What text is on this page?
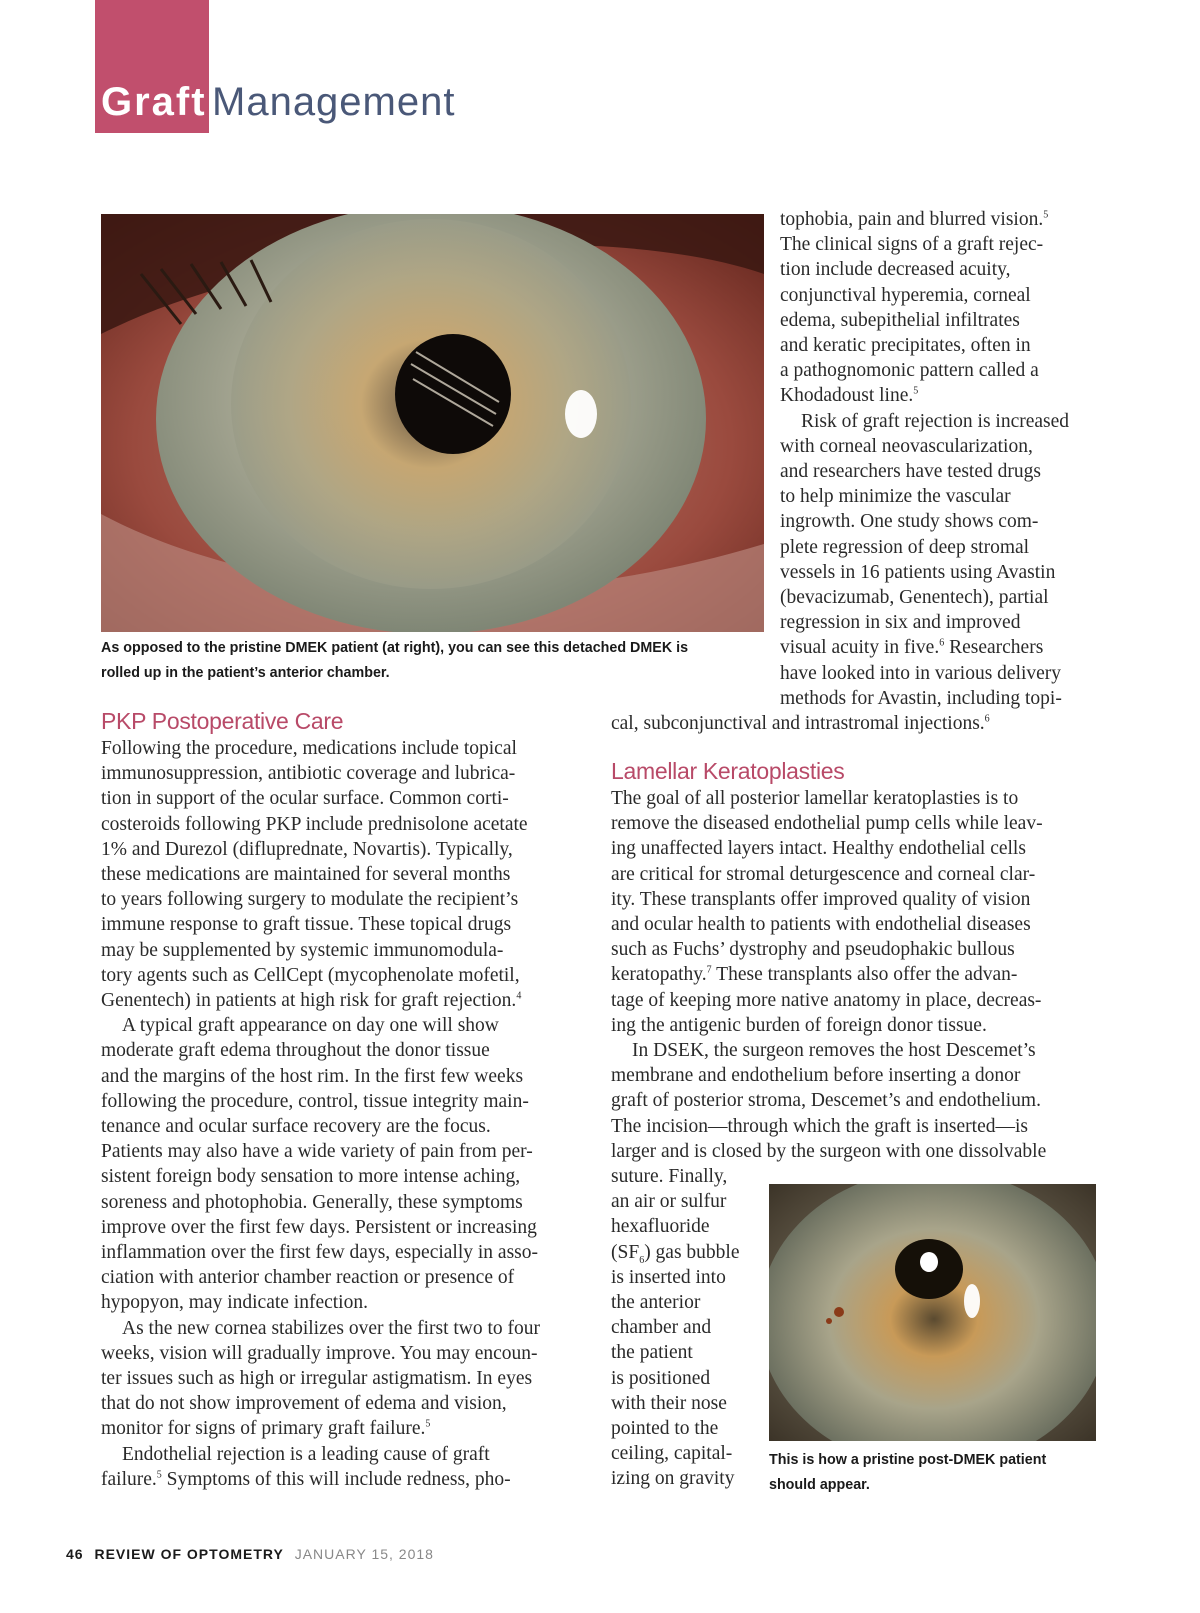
Graft Management
As opposed to the pristine DMEK patient (at right), you can see this detached DMEK is
rolled up in the patient’s anterior chamber.
tophobia, pain and blurred vision.$^5$
The clinical signs of a graft rejec-
tion include decreased acuity,
conjunctival hyperemia, corneal
edema, subepithelial infiltrates
and keratic precipitates, often in
a pathognomonic pattern called a
Khodadoust line.$^5$
Risk of graft rejection is increased
with corneal neovascularization,
and researchers have tested drugs
to help minimize the vascular
ingrowth. One study shows com-
plete regression of deep stromal
vessels in 16 patients using Avastin
(bevacizumab, Genentech), partial
regression in six and improved
visual acuity in five.$^6$ Researchers
have looked into in various delivery
methods for Avastin, including topi-
cal, subconjunctival and intrastromal injections.$^6$
PKP Postoperative Care
Following the procedure, medications include topical
immunosuppression, antibiotic coverage and lubrica-
tion in support of the ocular surface. Common corti-
costeroids following PKP include prednisolone acetate
1% and Durezol (difluprednate, Novartis). Typically,
these medications are maintained for several months
to years following surgery to modulate the recipient’s
immune response to graft tissue. These topical drugs
may be supplemented by systemic immunomodula-
tory agents such as CellCept (mycophenolate mofetil,
Genentech) in patients at high risk for graft rejection.$^4$
A typical graft appearance on day one will show
moderate graft edema throughout the donor tissue
and the margins of the host rim. In the first few weeks
following the procedure, control, tissue integrity main-
tenance and ocular surface recovery are the focus.
Patients may also have a wide variety of pain from per-
sistent foreign body sensation to more intense aching,
soreness and photophobia. Generally, these symptoms
improve over the first few days. Persistent or increasing
inflammation over the first few days, especially in asso-
ciation with anterior chamber reaction or presence of
hypopyon, may indicate infection.
As the new cornea stabilizes over the first two to four
weeks, vision will gradually improve. You may encoun-
ter issues such as high or irregular astigmatism. In eyes
that do not show improvement of edema and vision,
monitor for signs of primary graft failure.$^5$
Endothelial rejection is a leading cause of graft
failure.$^5$ Symptoms of this will include redness, pho-
Lamellar Keratoplasties
The goal of all posterior lamellar keratoplasties is to
remove the diseased endothelial pump cells while leav-
ing unaffected layers intact. Healthy endothelial cells
are critical for stromal deturgescence and corneal clar-
ity. These transplants offer improved quality of vision
and ocular health to patients with endothelial diseases
such as Fuchs’ dystrophy and pseudophakic bullous
keratopathy.$^7$ These transplants also offer the advan-
tage of keeping more native anatomy in place, decreas-
ing the antigenic burden of foreign donor tissue.
In DSEK, the surgeon removes the host Descemet’s
membrane and endothelium before inserting a donor
graft of posterior stroma, Descemet’s and endothelium.
The incision—through which the graft is inserted—is
larger and is closed by the surgeon with one dissolvable
suture. Finally,
an air or sulfur
hexafluoride
$(SF_6)$ gas bubble
is inserted into
the anterior
chamber and
the patient
is positioned
with their nose
pointed to the
ceiling, capital-
izing on gravity
This is how a pristine post-DMEK patient
should appear.
46 REVIEW OF OPTOMETRY JANUARY 15, 2018
